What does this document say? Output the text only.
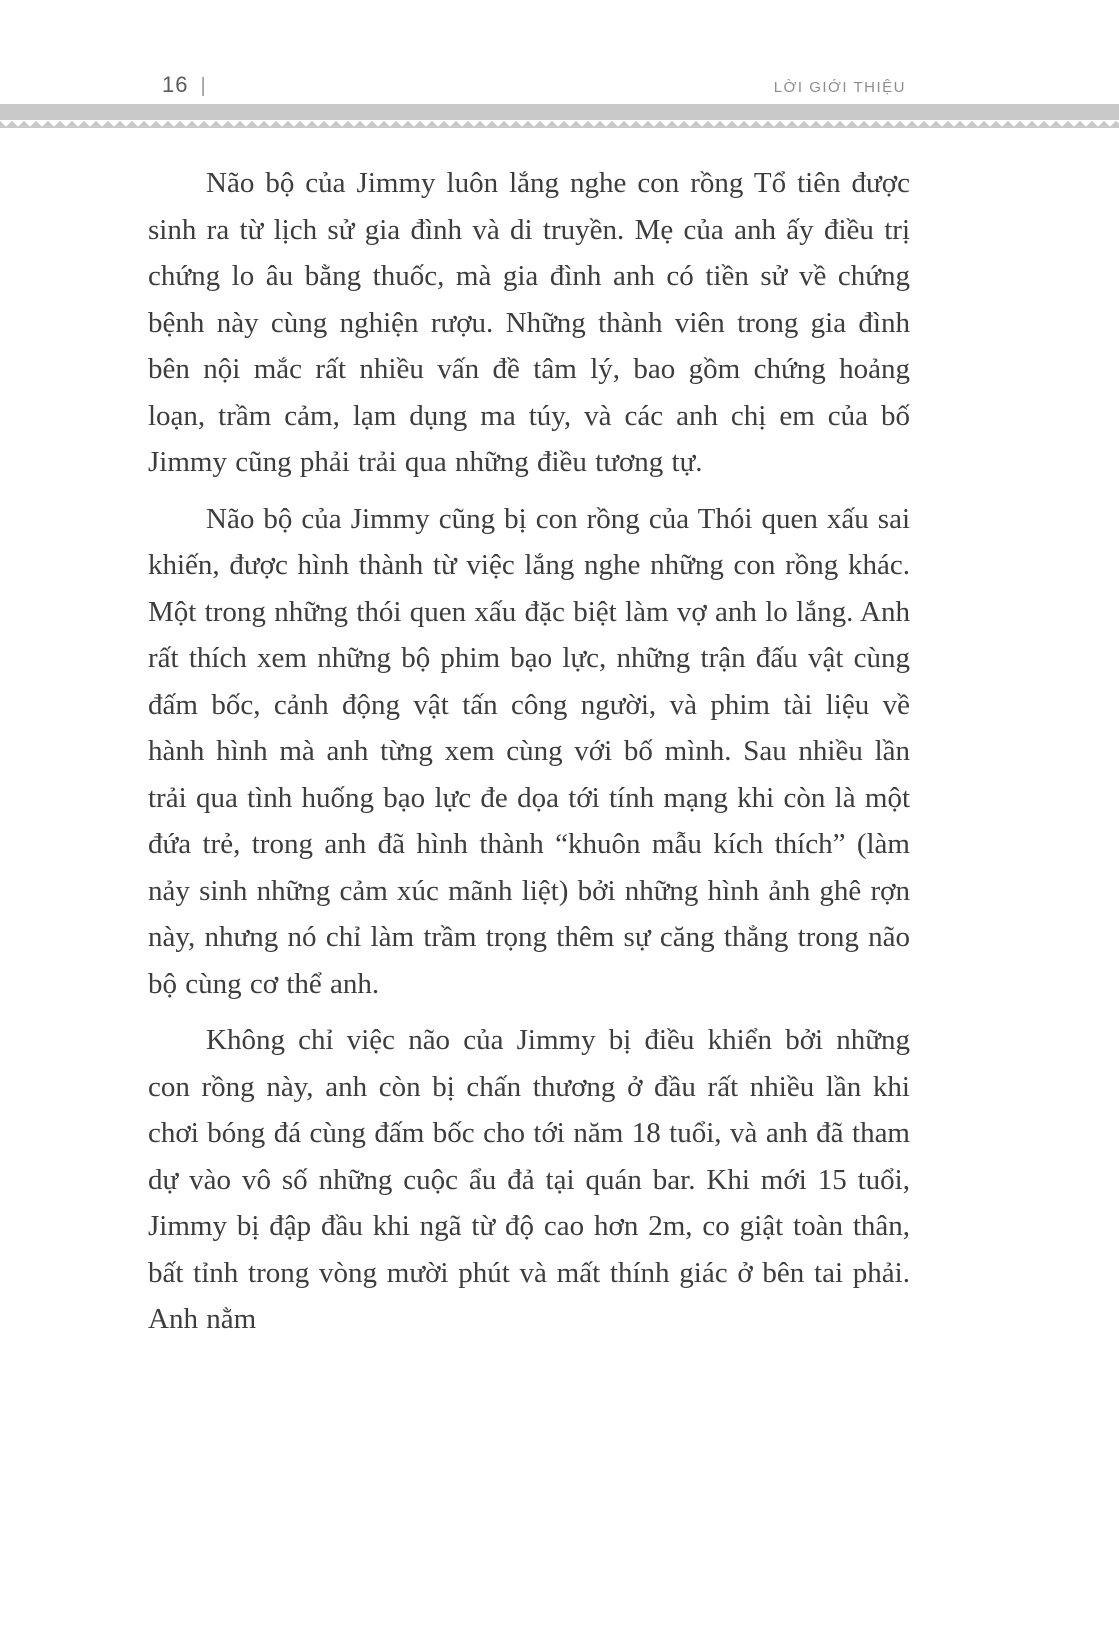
16 |	LỜI GIỚI THIỆU

Não bộ của Jimmy luôn lắng nghe con rồng Tổ tiên được sinh ra từ lịch sử gia đình và di truyền. Mẹ của anh ấy điều trị chứng lo âu bằng thuốc, mà gia đình anh có tiền sử về chứng bệnh này cùng nghiện rượu. Những thành viên trong gia đình bên nội mắc rất nhiều vấn đề tâm lý, bao gồm chứng hoảng loạn, trầm cảm, lạm dụng ma túy, và các anh chị em của bố Jimmy cũng phải trải qua những điều tương tự.

Não bộ của Jimmy cũng bị con rồng của Thói quen xấu sai khiến, được hình thành từ việc lắng nghe những con rồng khác. Một trong những thói quen xấu đặc biệt làm vợ anh lo lắng. Anh rất thích xem những bộ phim bạo lực, những trận đấu vật cùng đấm bốc, cảnh động vật tấn công người, và phim tài liệu về hành hình mà anh từng xem cùng với bố mình. Sau nhiều lần trải qua tình huống bạo lực đe dọa tới tính mạng khi còn là một đứa trẻ, trong anh đã hình thành “khuôn mẫu kích thích” (làm nảy sinh những cảm xúc mãnh liệt) bởi những hình ảnh ghê rợn này, nhưng nó chỉ làm trầm trọng thêm sự căng thẳng trong não bộ cùng cơ thể anh.

Không chỉ việc não của Jimmy bị điều khiển bởi những con rồng này, anh còn bị chấn thương ở đầu rất nhiều lần khi chơi bóng đá cùng đấm bốc cho tới năm 18 tuổi, và anh đã tham dự vào vô số những cuộc ẩu đả tại quán bar. Khi mới 15 tuổi, Jimmy bị đập đầu khi ngã từ độ cao hơn 2m, co giật toàn thân, bất tỉnh trong vòng mười phút và mất thính giác ở bên tai phải. Anh nằm
